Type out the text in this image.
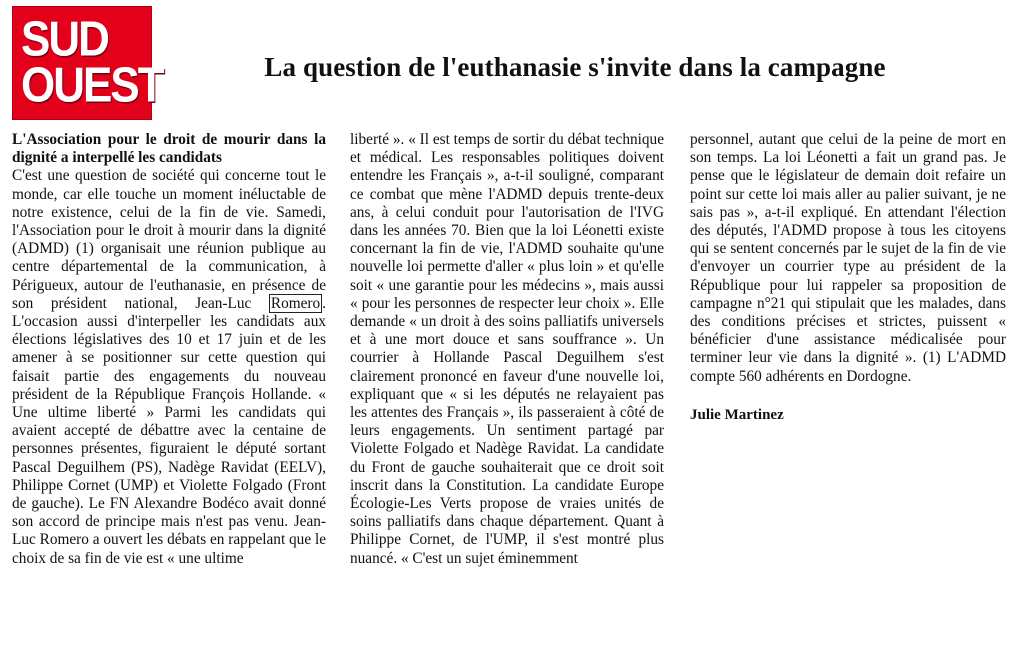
SUD
OUEST	La question de l'euthanasie s'invite dans la campagne
L'Association pour le droit de mourir dans la dignité a interpellé les candidats

C'est une question de société qui concerne tout le monde, car elle touche un moment inéluctable de notre existence, celui de la fin de vie. Samedi, l'Association pour le droit à mourir dans la dignité (ADMD) (1) organisait une réunion publique au centre départemental de la communication, à Périgueux, autour de l'euthanasie, en présence de son président national, Jean-Luc Romero . L'occasion aussi d'interpeller les candidats aux élections législatives des 10 et 17 juin et de les amener à se positionner sur cette question qui faisait partie des engagements du nouveau président de la République François Hollande. « Une ultime liberté » Parmi les candidats qui avaient accepté de débattre avec la centaine de personnes présentes, figuraient le député sortant Pascal Deguilhem (PS), Nadège Ravidat (EELV), Philippe Cornet (UMP) et Violette Folgado (Front de gauche). Le FN Alexandre Bodéco avait donné son accord de principe mais n'est pas venu. Jean-Luc Romero a ouvert les débats en rappelant que le choix de sa fin de vie est « une ultime

liberté ». « Il est temps de sortir du débat technique et médical. Les responsables politiques doivent entendre les Français », a-t-il souligné, comparant ce combat que mène l'ADMD depuis trente-deux ans, à celui conduit pour l'autorisation de l'IVG dans les années 70. Bien que la loi Léonetti existe concernant la fin de vie, l'ADMD souhaite qu'une nouvelle loi permette d'aller « plus loin » et qu'elle soit « une garantie pour les médecins », mais aussi « pour les personnes de respecter leur choix ». Elle demande « un droit à des soins palliatifs universels et à une mort douce et sans souffrance ». Un courrier à Hollande Pascal Deguilhem s'est clairement prononcé en faveur d'une nouvelle loi, expliquant que « si les députés ne relayaient pas les attentes des Français », ils passeraient à côté de leurs engagements. Un sentiment partagé par Violette Folgado et Nadège Ravidat. La candidate du Front de gauche souhaiterait que ce droit soit inscrit dans la Constitution. La candidate Europe Écologie-Les Verts propose de vraies unités de soins palliatifs dans chaque département. Quant à Philippe Cornet, de l'UMP, il s'est montré plus nuancé. « C'est un sujet éminemment

personnel, autant que celui de la peine de mort en son temps. La loi Léonetti a fait un grand pas. Je pense que le législateur de demain doit refaire un point sur cette loi mais aller au palier suivant, je ne sais pas », a-t-il expliqué. En attendant l'élection des députés, l'ADMD propose à tous les citoyens qui se sentent concernés par le sujet de la fin de vie d'envoyer un courrier type au président de la République pour lui rappeler sa proposition de campagne n°21 qui stipulait que les malades, dans des conditions précises et strictes, puissent « bénéficier d'une assistance médicalisée pour terminer leur vie dans la dignité ». (1) L'ADMD compte 560 adhérents en Dordogne.

Julie Martinez
